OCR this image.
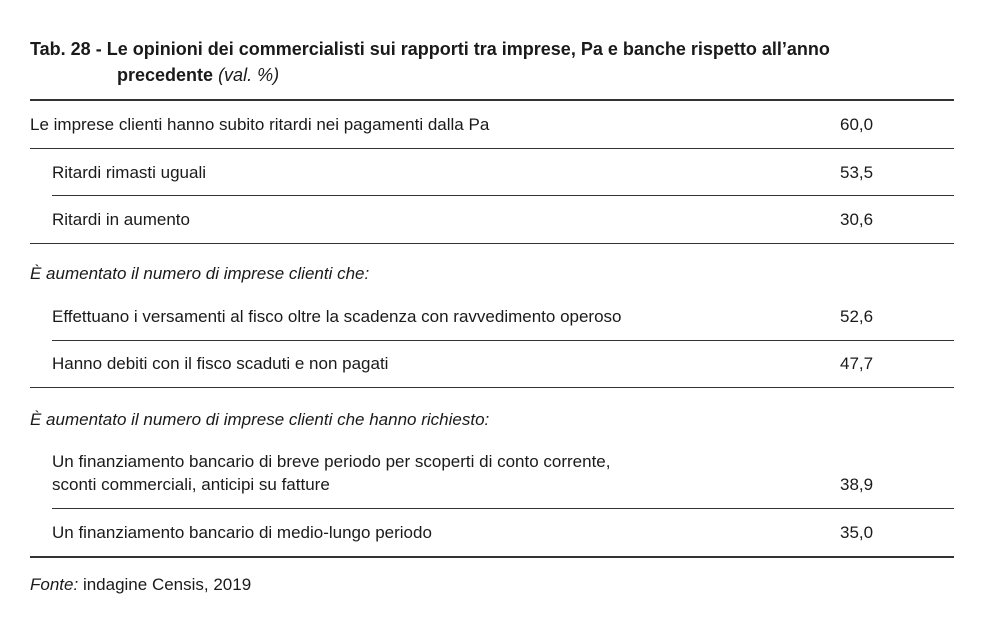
Tab. 28 - Le opinioni dei commercialisti sui rapporti tra imprese, Pa e banche rispetto all’anno
precedente (val. %)
Le imprese clienti hanno subito ritardi nei pagamenti dalla Pa	60,0
Ritardi rimasti uguali	53,5
Ritardi in aumento	30,6
È aumentato il numero di imprese clienti che:
Effettuano i versamenti al fisco oltre la scadenza con ravvedimento operoso	52,6
Hanno debiti con il fisco scaduti e non pagati	47,7
È aumentato il numero di imprese clienti che hanno richiesto:
Un finanziamento bancario di breve periodo per scoperti di conto corrente,
sconti commerciali, anticipi su fatture	38,9
Un finanziamento bancario di medio-lungo periodo	35,0
Fonte: indagine Censis, 2019
